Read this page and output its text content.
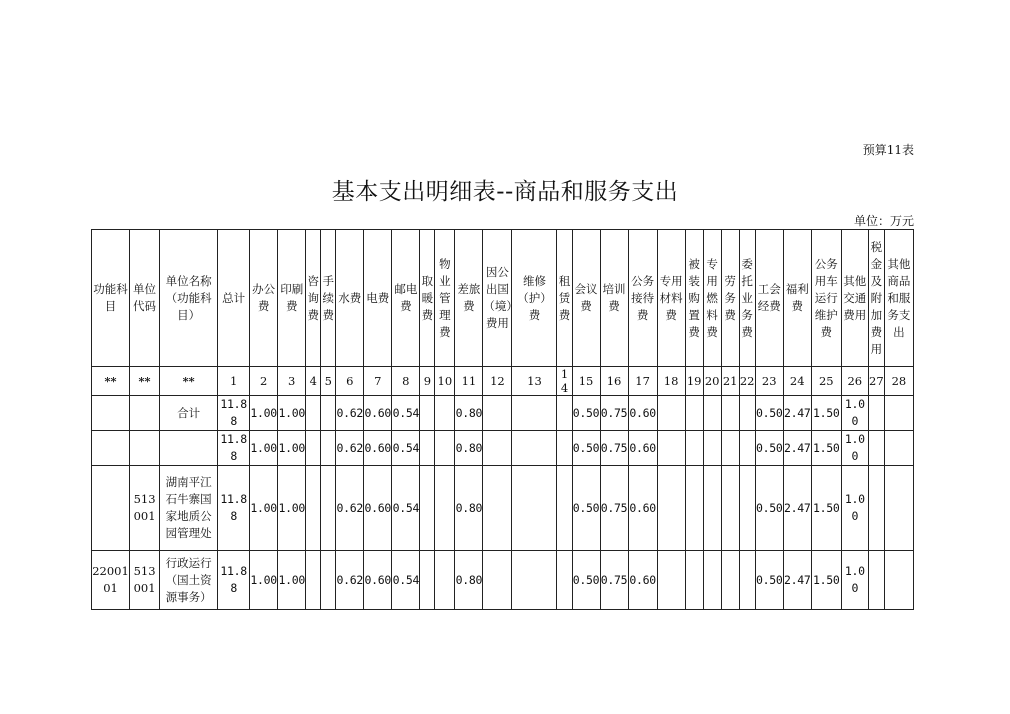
预算11表
基本支出明细表--商品和服务支出
单位：万元
功能科目	单位代码	单位名称（功能科目）	总计	办公费	印刷费	咨询费	手续费	水费	电费	邮电费	取暖费	物业管理费	差旅费	因公出国（境）费用	维修（护）费	租赁费	会议费	培训费	公务接待费	专用材料费	被装购置费	专用燃料费	劳务费	委托业务费	工会经费	福利费	公务用车运行维护费	其他交通费用	税金及附加费用	其他商品和服务支出
**	**	**	1	2	3	4	5	6	7	8	9	10	11	12	13	14	15	16	17	18	19	20	21	22	23	24	25	26	27	28
		合计	11.88	1.00	1.00			0.62	0.60	0.54			0.80				0.50	0.75	0.60						0.50	2.47	1.50	1.00		
			11.88	1.00	1.00			0.62	0.60	0.54			0.80				0.50	0.75	0.60						0.50	2.47	1.50	1.00		
	513001	湖南平江石牛寨国家地质公园管理处	11.88	1.00	1.00			0.62	0.60	0.54			0.80				0.50	0.75	0.60						0.50	2.47	1.50	1.00		
2200101	513001	行政运行（国土资源事务）	11.88	1.00	1.00			0.62	0.60	0.54			0.80				0.50	0.75	0.60						0.50	2.47	1.50	1.00		
